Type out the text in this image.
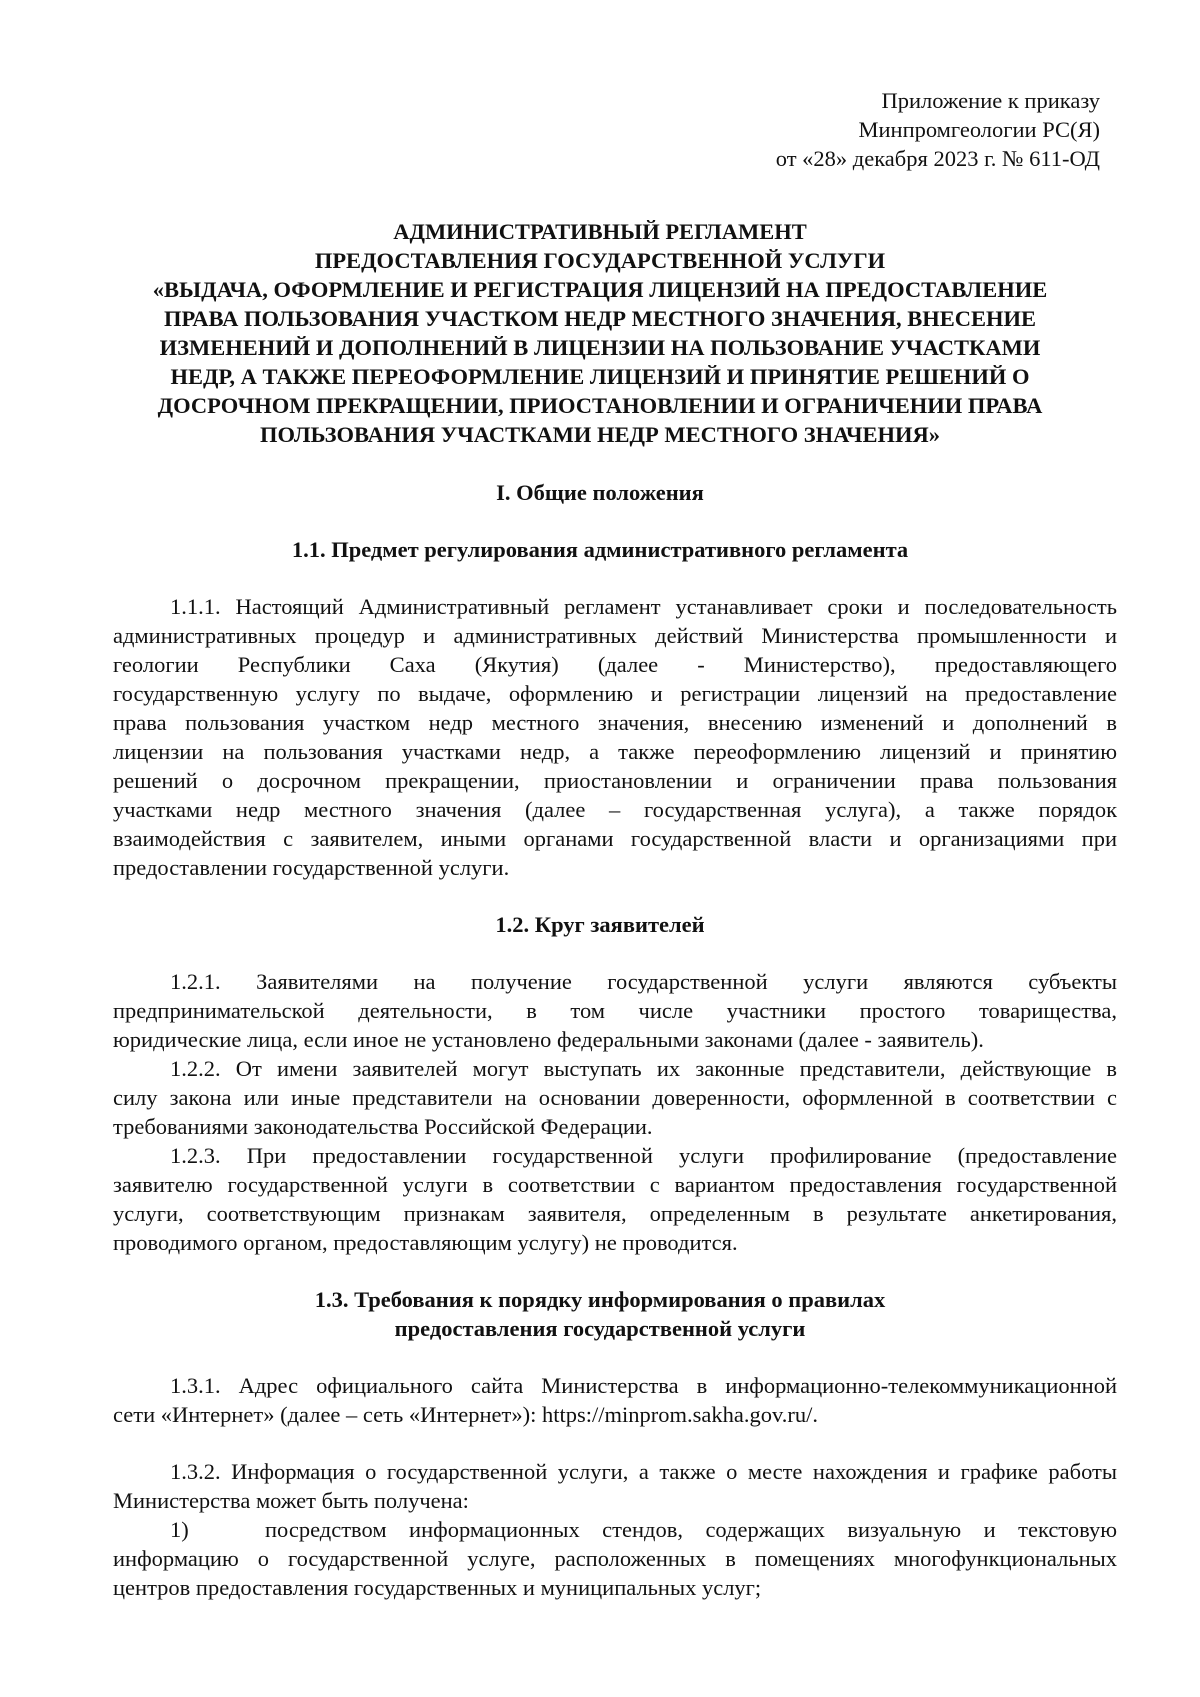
Приложение к приказу
Минпромгеологии РС(Я)
от «28» декабря 2023 г. № 611-ОД
АДМИНИСТРАТИВНЫЙ РЕГЛАМЕНТ
ПРЕДОСТАВЛЕНИЯ ГОСУДАРСТВЕННОЙ УСЛУГИ
«ВЫДАЧА, ОФОРМЛЕНИЕ И РЕГИСТРАЦИЯ ЛИЦЕНЗИЙ НА ПРЕДОСТАВЛЕНИЕ
ПРАВА ПОЛЬЗОВАНИЯ УЧАСТКОМ НЕДР МЕСТНОГО ЗНАЧЕНИЯ, ВНЕСЕНИЕ
ИЗМЕНЕНИЙ И ДОПОЛНЕНИЙ В ЛИЦЕНЗИИ НА ПОЛЬЗОВАНИЕ УЧАСТКАМИ
НЕДР, А ТАКЖЕ ПЕРЕОФОРМЛЕНИЕ ЛИЦЕНЗИЙ И ПРИНЯТИЕ РЕШЕНИЙ О
ДОСРОЧНОМ ПРЕКРАЩЕНИИ, ПРИОСТАНОВЛЕНИИ И ОГРАНИЧЕНИИ ПРАВА
ПОЛЬЗОВАНИЯ УЧАСТКАМИ НЕДР МЕСТНОГО ЗНАЧЕНИЯ»
I. Общие положения
1.1. Предмет регулирования административного регламента
1.1.1. Настоящий Административный регламент устанавливает сроки и последовательность
административных процедур и административных действий Министерства промышленности и
геологии Республики Саха (Якутия) (далее - Министерство), предоставляющего
государственную услугу по выдаче, оформлению и регистрации лицензий на предоставление
права пользования участком недр местного значения, внесению изменений и дополнений в
лицензии на пользования участками недр, а также переоформлению лицензий и принятию
решений о досрочном прекращении, приостановлении и ограничении права пользования
участками недр местного значения (далее – государственная услуга), а также порядок
взаимодействия с заявителем, иными органами государственной власти и организациями при
предоставлении государственной услуги.
1.2. Круг заявителей
1.2.1. Заявителями на получение государственной услуги являются субъекты
предпринимательской деятельности, в том числе участники простого товарищества,
юридические лица, если иное не установлено федеральными законами (далее - заявитель).
1.2.2. От имени заявителей могут выступать их законные представители, действующие в
силу закона или иные представители на основании доверенности, оформленной в соответствии с
требованиями законодательства Российской Федерации.
1.2.3. При предоставлении государственной услуги профилирование (предоставление
заявителю государственной услуги в соответствии с вариантом предоставления государственной
услуги, соответствующим признакам заявителя, определенным в результате анкетирования,
проводимого органом, предоставляющим услугу) не проводится.
1.3. Требования к порядку информирования о правилах
предоставления государственной услуги
1.3.1. Адрес официального сайта Министерства в информационно-телекоммуникационной
сети «Интернет» (далее – сеть «Интернет»): https://minprom.sakha.gov.ru/.
1.3.2. Информация о государственной услуги, а также о месте нахождения и графике работы
Министерства может быть получена:
1)	посредством информационных стендов, содержащих визуальную и текстовую
информацию о государственной услуге, расположенных в помещениях многофункциональных
центров предоставления государственных и муниципальных услуг;
